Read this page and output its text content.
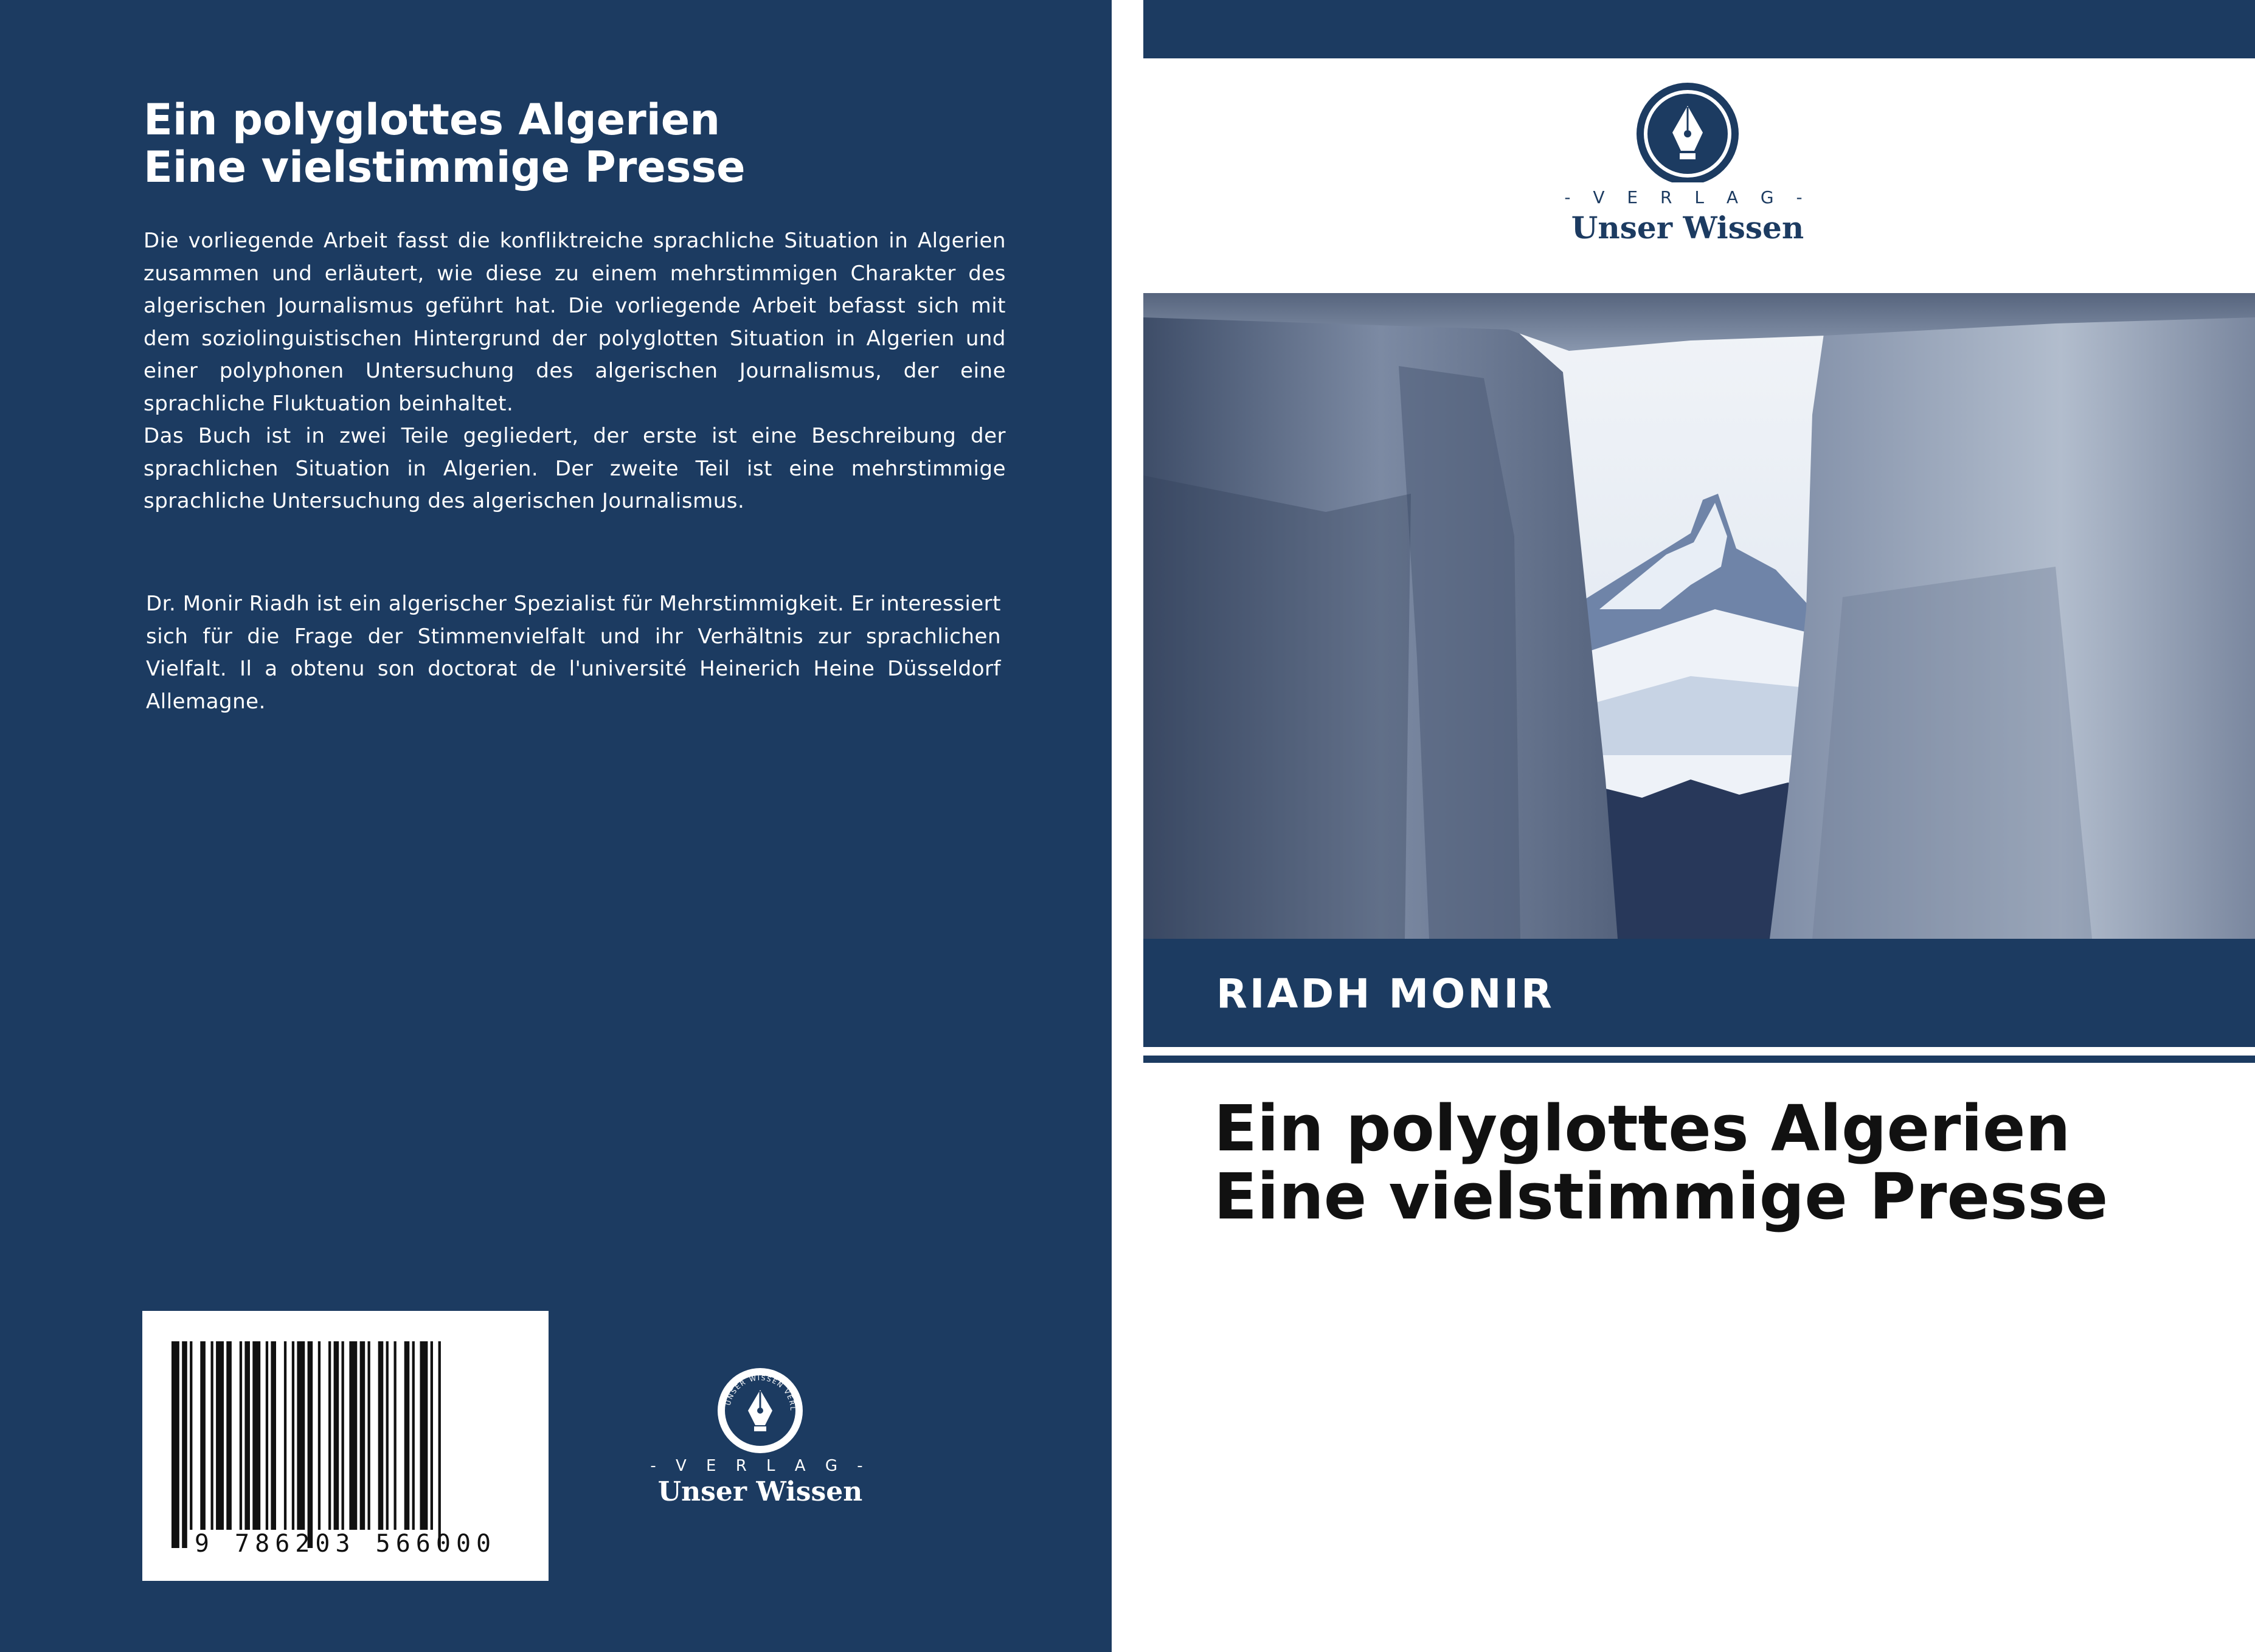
Ein polyglottes Algerien
Eine vielstimmige Presse

Die vorliegende Arbeit fasst die konfliktreiche sprachliche Situation in Algerien zusammen und erläutert, wie diese zu einem mehrstimmigen Charakter des algerischen Journalismus geführt hat. Die vorliegende Arbeit befasst sich mit dem soziolinguistischen Hintergrund der polyglotten Situation in Algerien und einer polyphonen Untersuchung des algerischen Journalismus, der eine sprachliche Fluktuation beinhaltet.

Das Buch ist in zwei Teile gegliedert, der erste ist eine Beschreibung der sprachlichen Situation in Algerien. Der zweite Teil ist eine mehrstimmige sprachliche Untersuchung des algerischen Journalismus.

Dr. Monir Riadh ist ein algerischer Spezialist für Mehrstimmigkeit. Er interessiert sich für die Frage der Stimmenvielfalt und ihr Verhältnis zur sprachlichen Vielfalt. Il a obtenu son doctorat de l'université Heinerich Heine Düsseldorf Allemagne.
9 786203 566000
UNSER WISSEN VERL
- V E R L A G -
Unser Wissen
- V E R L A G -
Unser Wissen
RIADH MONIR
Ein polyglottes Algerien
Eine vielstimmige Presse
